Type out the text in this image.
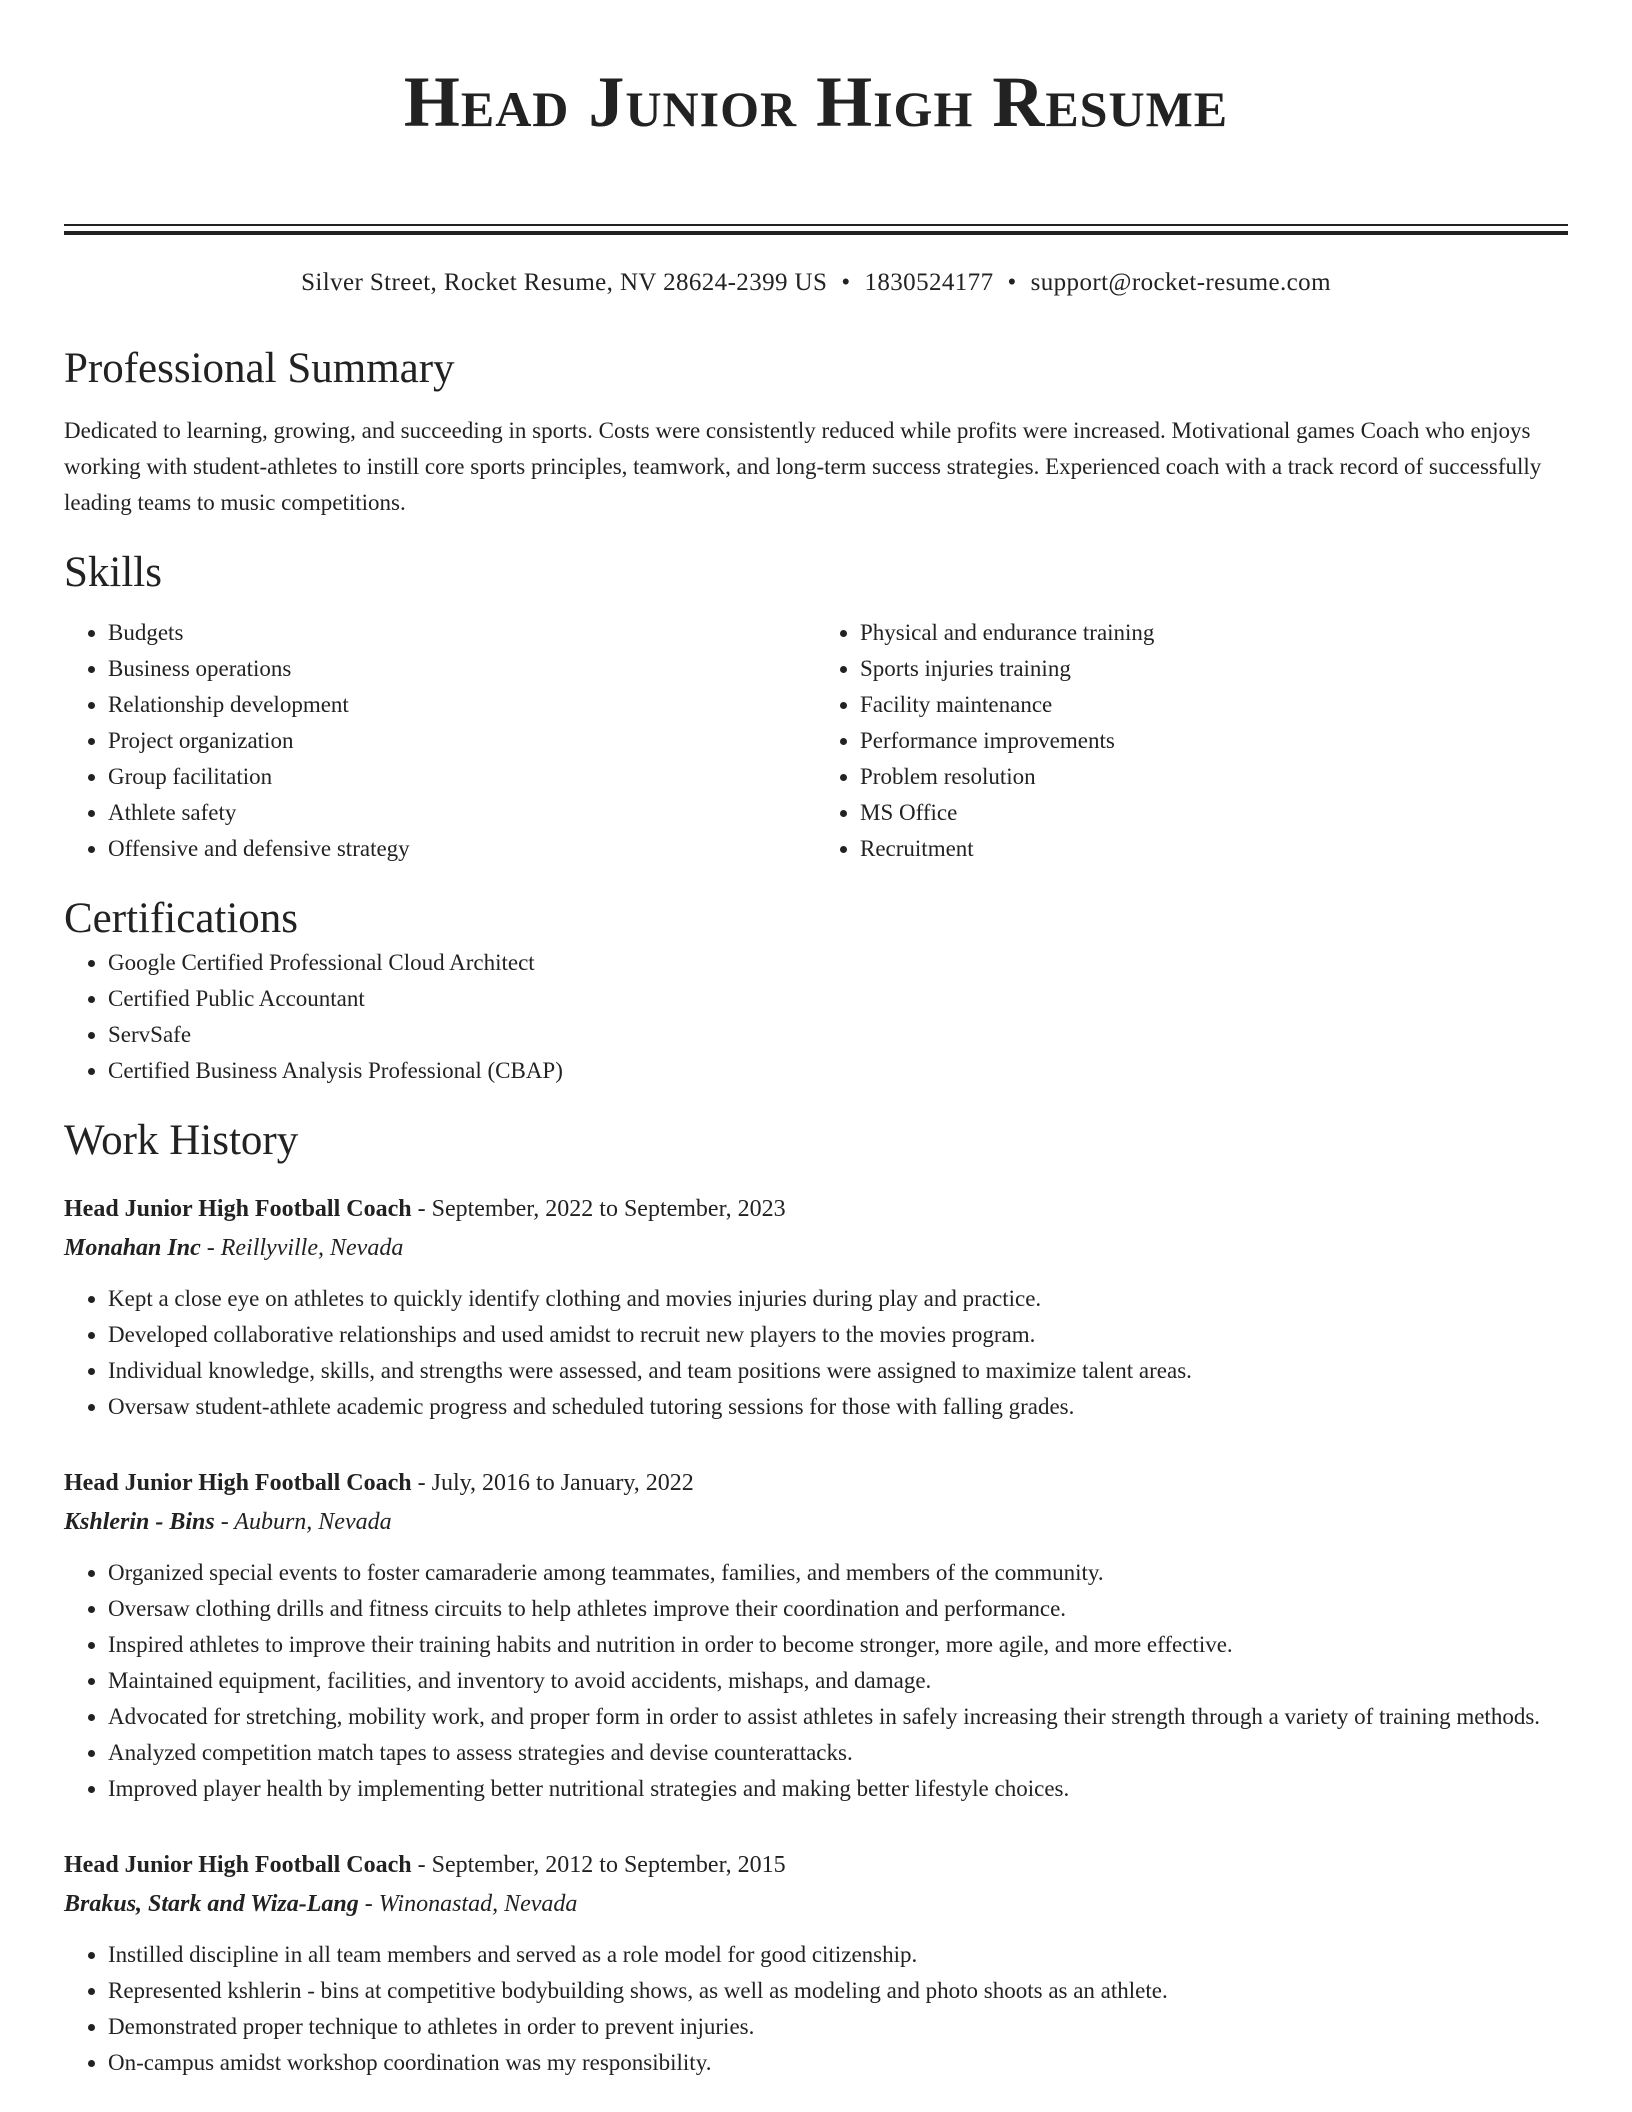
Head Junior High Resume
Silver Street, Rocket Resume, NV 28624-2399 US • 1830524177 • support@rocket-resume.com
Professional Summary

Dedicated to learning, growing, and succeeding in sports. Costs were consistently reduced while profits were increased. Motivational games Coach who enjoys working with student-athletes to instill core sports principles, teamwork, and long-term success strategies. Experienced coach with a track record of successfully leading teams to music competitions.

Skills
• Budgets
• Business operations
• Relationship development
• Project organization
• Group facilitation
• Athlete safety
• Offensive and defensive strategy
• Physical and endurance training
• Sports injuries training
• Facility maintenance
• Performance improvements
• Problem resolution
• MS Office
• Recruitment
Certifications
• Google Certified Professional Cloud Architect
• Certified Public Accountant
• ServSafe
• Certified Business Analysis Professional (CBAP)
Work History
Head Junior High Football Coach - September, 2022 to September, 2023
Monahan Inc - Reillyville, Nevada
• Kept a close eye on athletes to quickly identify clothing and movies injuries during play and practice.
• Developed collaborative relationships and used amidst to recruit new players to the movies program.
• Individual knowledge, skills, and strengths were assessed, and team positions were assigned to maximize talent areas.
• Oversaw student-athlete academic progress and scheduled tutoring sessions for those with falling grades.
Head Junior High Football Coach - July, 2016 to January, 2022
Kshlerin - Bins - Auburn, Nevada
• Organized special events to foster camaraderie among teammates, families, and members of the community.
• Oversaw clothing drills and fitness circuits to help athletes improve their coordination and performance.
• Inspired athletes to improve their training habits and nutrition in order to become stronger, more agile, and more effective.
• Maintained equipment, facilities, and inventory to avoid accidents, mishaps, and damage.
• Advocated for stretching, mobility work, and proper form in order to assist athletes in safely increasing their strength through a variety of training methods.
• Analyzed competition match tapes to assess strategies and devise counterattacks.
• Improved player health by implementing better nutritional strategies and making better lifestyle choices.
Head Junior High Football Coach - September, 2012 to September, 2015
Brakus, Stark and Wiza-Lang - Winonastad, Nevada
• Instilled discipline in all team members and served as a role model for good citizenship.
• Represented kshlerin - bins at competitive bodybuilding shows, as well as modeling and photo shoots as an athlete.
• Demonstrated proper technique to athletes in order to prevent injuries.
• On-campus amidst workshop coordination was my responsibility.
